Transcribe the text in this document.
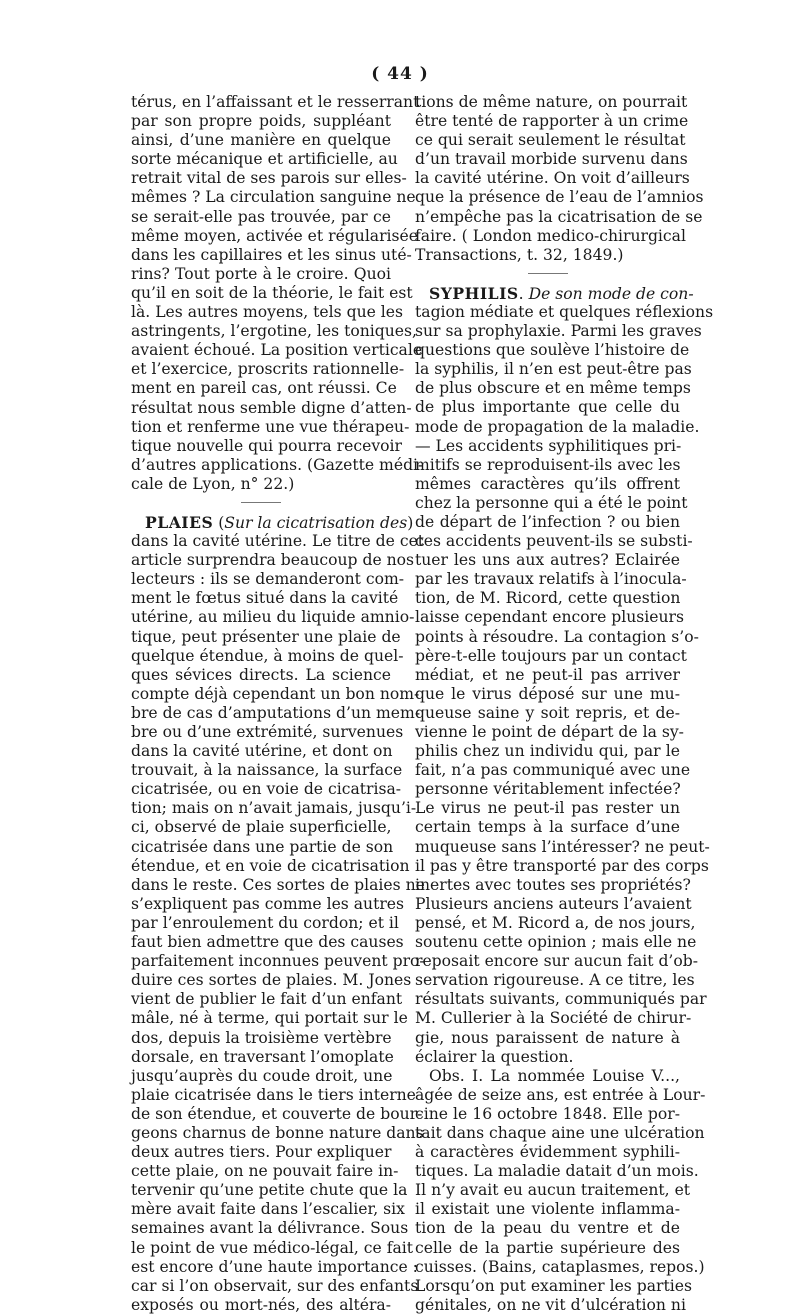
( 44 )
térus, en l’affaissant et le resserrant
par son propre poids, suppléant
ainsi, d’une manière en quelque
sorte mécanique et artificielle, au
retrait vital de ses parois sur elles-
mêmes ? La circulation sanguine ne
se serait-elle pas trouvée, par ce
même moyen, activée et régularisée
dans les capillaires et les sinus uté-
rins? Tout porte à le croire. Quoi
qu’il en soit de la théorie, le fait est
là. Les autres moyens, tels que les
astringents, l’ergotine, les toniques,
avaient échoué. La position verticale
et l’exercice, proscrits rationnelle-
ment en pareil cas, ont réussi. Ce
résultat nous semble digne d’atten-
tion et renferme une vue thérapeu-
tique nouvelle qui pourra recevoir
d’autres applications. (Gazette médi-
cale de Lyon, n° 22.)
PLAIES (Sur la cicatrisation des)
dans la cavité utérine. Le titre de cet
article surprendra beaucoup de nos
lecteurs : ils se demanderont com-
ment le fœtus situé dans la cavité
utérine, au milieu du liquide amnio-
tique, peut présenter une plaie de
quelque étendue, à moins de quel-
ques sévices directs. La science
compte déjà cependant un bon nom-
bre de cas d’amputations d’un mem-
bre ou d’une extrémité, survenues
dans la cavité utérine, et dont on
trouvait, à la naissance, la surface
cicatrisée, ou en voie de cicatrisa-
tion; mais on n’avait jamais, jusqu’i-
ci, observé de plaie superficielle,
cicatrisée dans une partie de son
étendue, et en voie de cicatrisation
dans le reste. Ces sortes de plaies ne
s’expliquent pas comme les autres
par l’enroulement du cordon; et il
faut bien admettre que des causes
parfaitement inconnues peuvent pro-
duire ces sortes de plaies. M. Jones
vient de publier le fait d’un enfant
mâle, né à terme, qui portait sur le
dos, depuis la troisième vertèbre
dorsale, en traversant l’omoplate
jusqu’auprès du coude droit, une
plaie cicatrisée dans le tiers interne
de son étendue, et couverte de bour-
geons charnus de bonne nature dans
deux autres tiers. Pour expliquer
cette plaie, on ne pouvait faire in-
tervenir qu’une petite chute que la
mère avait faite dans l’escalier, six
semaines avant la délivrance. Sous
le point de vue médico-légal, ce fait
est encore d’une haute importance :
car si l’on observait, sur des enfants
exposés ou mort-nés, des altéra-
tions de même nature, on pourrait
être tenté de rapporter à un crime
ce qui serait seulement le résultat
d’un travail morbide survenu dans
la cavité utérine. On voit d’ailleurs
que la présence de l’eau de l’amnios
n’empêche pas la cicatrisation de se
faire. ( London medico-chirurgical
Transactions, t. 32, 1849.)
SYPHILIS. De son mode de con-
tagion médiate et quelques réflexions
sur sa prophylaxie. Parmi les graves
questions que soulève l’histoire de
la syphilis, il n’en est peut-être pas
de plus obscure et en même temps
de plus importante que celle du
mode de propagation de la maladie.
— Les accidents syphilitiques pri-
mitifs se reproduisent-ils avec les
mêmes caractères qu’ils offrent
chez la personne qui a été le point
de départ de l’infection ? ou bien
ces accidents peuvent-ils se substi-
tuer les uns aux autres? Eclairée
par les travaux relatifs à l’inocula-
tion, de M. Ricord, cette question
laisse cependant encore plusieurs
points à résoudre. La contagion s’o-
père-t-elle toujours par un contact
médiat, et ne peut-il pas arriver
que le virus déposé sur une mu-
queuse saine y soit repris, et de-
vienne le point de départ de la sy-
philis chez un individu qui, par le
fait, n’a pas communiqué avec une
personne véritablement infectée?
Le virus ne peut-il pas rester un
certain temps à la surface d’une
muqueuse sans l’intéresser? ne peut-
il pas y être transporté par des corps
inertes avec toutes ses propriétés?
Plusieurs anciens auteurs l’avaient
pensé, et M. Ricord a, de nos jours,
soutenu cette opinion ; mais elle ne
reposait encore sur aucun fait d’ob-
servation rigoureuse. A ce titre, les
résultats suivants, communiqués par
M. Cullerier à la Société de chirur-
gie, nous paraissent de nature à
éclairer la question.
Obs. I. La nommée Louise V...,
âgée de seize ans, est entrée à Lour-
cine le 16 octobre 1848. Elle por-
tait dans chaque aine une ulcération
à caractères évidemment syphili-
tiques. La maladie datait d’un mois.
Il n’y avait eu aucun traitement, et
il existait une violente inflamma-
tion de la peau du ventre et de
celle de la partie supérieure des
cuisses. (Bains, cataplasmes, repos.)
Lorsqu’on put examiner les parties
génitales, on ne vit d’ulcération ni
